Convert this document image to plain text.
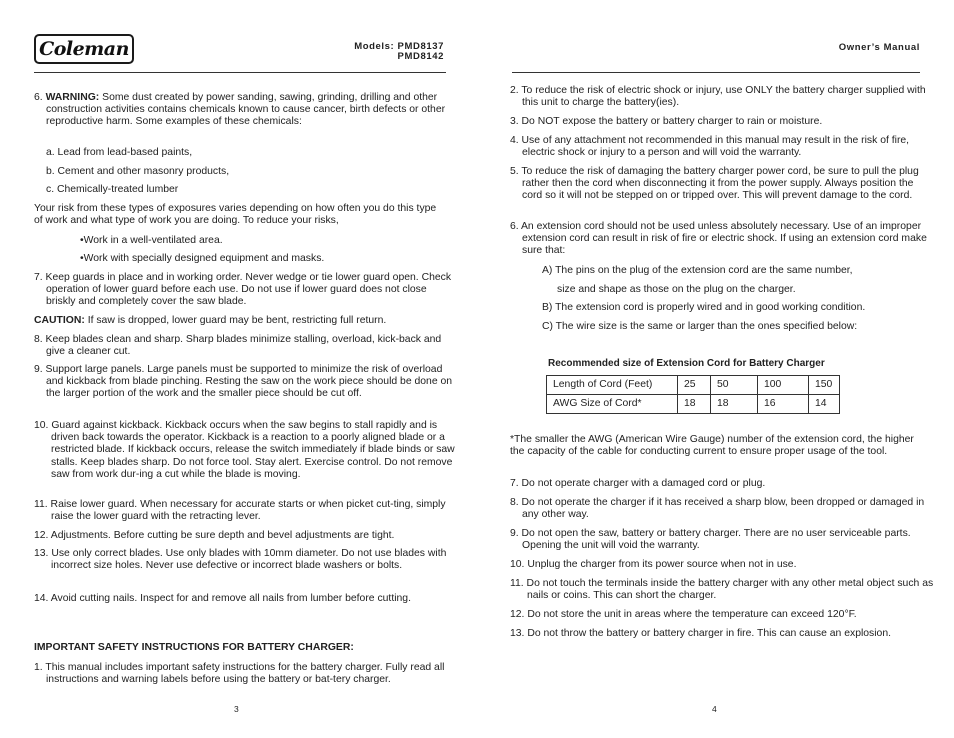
Coleman	Models: PMD8137
PMD8142
Owner’s Manual

6. WARNING: Some dust created by power sanding, sawing, grinding, drilling and other construction activities contains chemicals known to cause cancer, birth defects or other reproductive harm. Some examples of these chemicals:

a. Lead from lead-based paints,

b. Cement and other masonry products,

c. Chemically-treated lumber

Your risk from these types of exposures varies depending on how often you do this type of work and what type of work you are doing. To reduce your risks,

•Work in a well-ventilated area.

•Work with specially designed equipment and masks.

7. Keep guards in place and in working order. Never wedge or tie lower guard open. Check operation of lower guard before each use. Do not use if lower guard does not close briskly and completely cover the saw blade.

CAUTION: If saw is dropped, lower guard may be bent, restricting full return.

8. Keep blades clean and sharp. Sharp blades minimize stalling, overload, kick-back and give a cleaner cut.

9. Support large panels. Large panels must be supported to minimize the risk of overload and kickback from blade pinching. Resting the saw on the work piece should be done on the larger portion of the work and the smaller piece should be cut off.

10. Guard against kickback. Kickback occurs when the saw begins to stall rapidly and is driven back towards the operator. Kickback is a reaction to a poorly aligned blade or a restricted blade. If kickback occurs, release the switch immediately if blade binds or saw stalls. Keep blades sharp. Do not force tool. Stay alert. Exercise control. Do not remove saw from work dur-ing a cut while the blade is moving.

11. Raise lower guard. When necessary for accurate starts or when picket cut-ting, simply raise the lower guard with the retracting lever.

12. Adjustments. Before cutting be sure depth and bevel adjustments are tight.

13. Use only correct blades. Use only blades with 10mm diameter. Do not use blades with incorrect size holes. Never use defective or incorrect blade washers or bolts.

14. Avoid cutting nails. Inspect for and remove all nails from lumber before cutting.

IMPORTANT SAFETY INSTRUCTIONS FOR BATTERY CHARGER:

1. This manual includes important safety instructions for the battery charger. Fully read all instructions and warning labels before using the battery or bat-tery charger.

3

2. To reduce the risk of electric shock or injury, use ONLY the battery charger supplied with this unit to charge the battery(ies).

3. Do NOT expose the battery or battery charger to rain or moisture.

4. Use of any attachment not recommended in this manual may result in the risk of fire, electric shock or injury to a person and will void the warranty.

5. To reduce the risk of damaging the battery charger power cord, be sure to pull the plug rather then the cord when disconnecting it from the power supply. Always position the cord so it will not be stepped on or tripped over. This will prevent damage to the cord.

6. An extension cord should not be used unless absolutely necessary. Use of an improper extension cord can result in risk of fire or electric shock. If using an extension cord make sure that:

A) The pins on the plug of the extension cord are the same number,

size and shape as those on the plug on the charger.

B) The extension cord is properly wired and in good working condition.

C) The wire size is the same or larger than the ones specified below:

Recommended size of Extension Cord for Battery Charger

Length of Cord (Feet)	25	50	100	150
AWG Size of Cord*	18	18	16	14

*The smaller the AWG (American Wire Gauge) number of the extension cord, the higher the capacity of the cable for conducting current to ensure proper usage of the tool.

7. Do not operate charger with a damaged cord or plug.

8. Do not operate the charger if it has received a sharp blow, been dropped or damaged in any other way.

9. Do not open the saw, battery or battery charger. There are no user serviceable parts. Opening the unit will void the warranty.

10. Unplug the charger from its power source when not in use.

11. Do not touch the terminals inside the battery charger with any other metal object such as nails or coins. This can short the charger.

12. Do not store the unit in areas where the temperature can exceed 120°F.

13. Do not throw the battery or battery charger in fire. This can cause an explosion.

4
